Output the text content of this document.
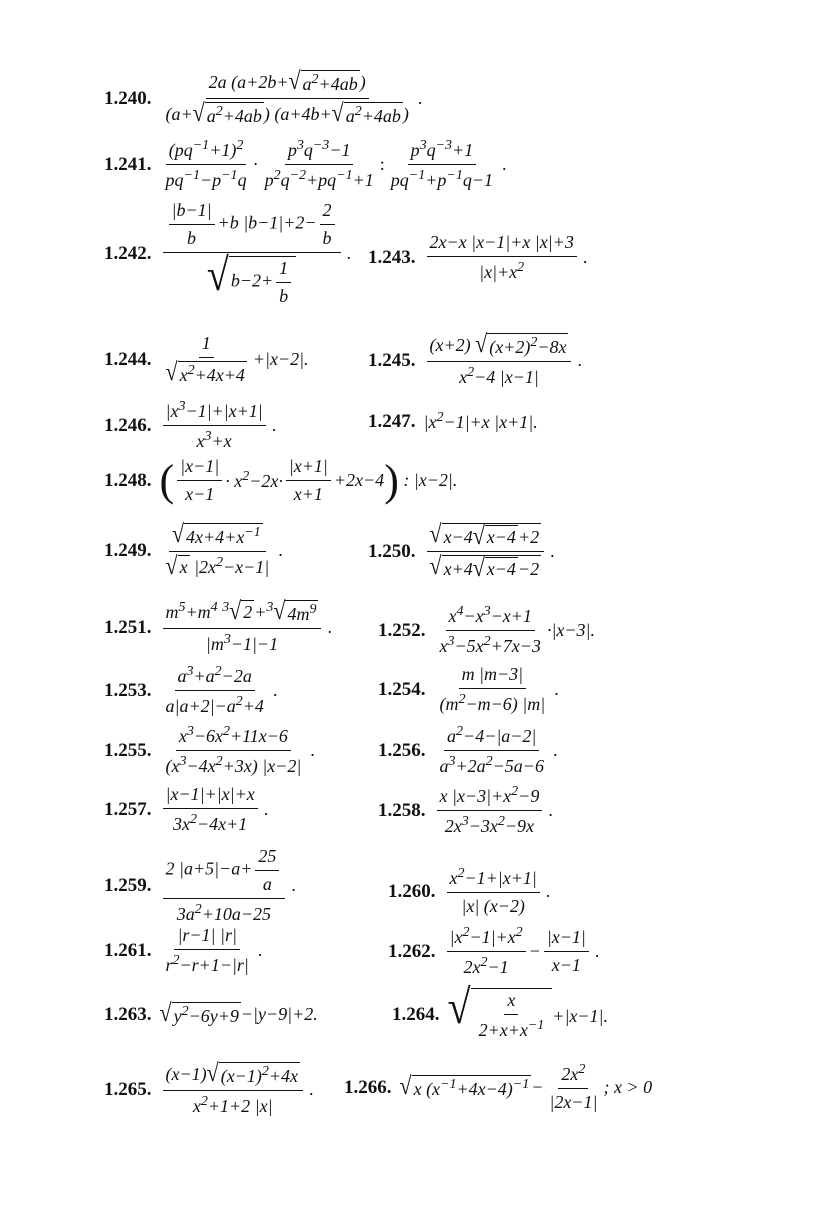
1.240. $\frac{2a (a+2b+ √ a^2+4ab )}{(a+ √ a^2+4ab ) (a+4b+ √ a^2+4ab )}$ .
1.241. $\frac{(pq^{-1}+1)^2}{pq^{-1}-p^{-1}q} \cdot \frac{p^3q^{-3}-1}{p^2q^{-2}+pq^{-1}+1}$ : $\frac{p^3q^{-3}+1}{pq^{-1}+p^{-1}q-1}$ .
1.242. $\frac{\frac{|b-1|}{b} +b |b-1|+2- \frac{2}{b}}{√ b-2+ \frac{1}{b}}$ . 1.243. $\frac{2x-x |x-1|+x |x|+3}{|x|+x^2}$ .
1.244. $\frac{1}{√ x^2+4x+4} +|x-2|$.	1.245. $\frac{(x+2) √ (x+2)^2-8x}{x^2-4 |x-1|}$ .
1.246. $\frac{|x^3-1|+|x+1|}{x^3+x}$ .	1.247. $|x^2-1|+x$ |x+1|.
1.248. ( $\frac{|x-1|}{x-1} \cdot x^2-2x\cdot \frac{|x+1|}{x+1} +2x-4$ ) : |x−2|.
1.249. $\frac{√ 4x+4+x^{-1}}{√ x |2x^2-x-1|}$ .	1.250. $\frac{√ x-4 √ x-4 +2}{√ x+4 √ x-4 -2}$ .
1.251. $\frac{m^5+m^4 ^3 √ 2 +^3 √ 4m^9}{|m^3-1|-1}$ . 1.252. $\frac{x^4-x^3-x+1}{x^3-5x^2+7x-3} \cdot|x-3|$.
1.253. $\frac{a^3+a^2-2a}{a|a+2|-a^2+4}$ .	1.254. $\frac{m |m-3|}{(m^2-m-6) |m|}$ .
1.255. $\frac{x^3-6x^2+11x-6}{(x^3-4x^2+3x) |x-2|}$ .	1.256. $\frac{a^2-4-|a-2|}{a^3+2a^2-5a-6}$ .
1.257. $\frac{|x-1|+|x|+x}{3x^2-4x+1}$ .	1.258. $\frac{x |x-3|+x^2-9}{2x^3-3x^2-9x}$ .
1.259. $\frac{2 |a+5|-a+ \frac{25}{a}}{3a^2+10a-25}$ .	1.260. $\frac{x^2-1+|x+1|}{|x| (x-2)}$ .
1.261. $\frac{|r-1| |r|}{r^2-r+1-|r|}$ .	1.262. $\frac{|x^2-1|+x^2}{2x^2-1} - \frac{|x-1|}{x-1}$ .
1.263. √ $y^2-6y+9 -|y-9|+2$.	1.264. √ $\frac{x}{2+x+x^{-1}} +|x-1|$.
1.265. $\frac{(x-1) √ (x-1)^2+4x}{x^2+1+2 |x|}$ . 1.266. √ x $(x^{-1}+4x-4)^{-1} - \frac{2x^2}{|2x-1|}$ ; x > 0
